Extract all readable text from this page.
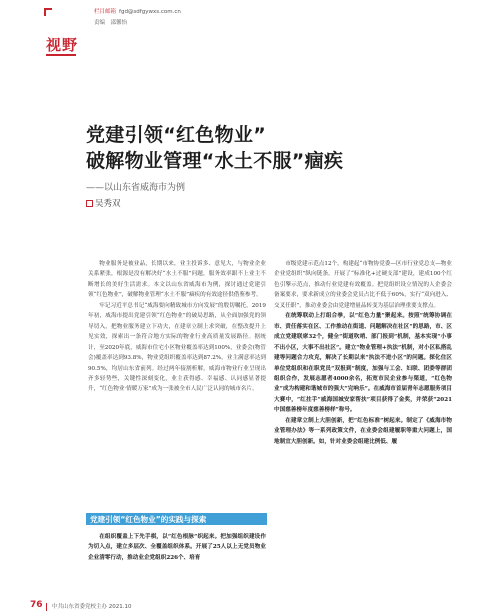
视野
栏目邮箱 fgd@sdfgywxs.com.cn
责编　邵馨怡
党建引领“红色物业”
破解物业管理“水土不服”痼疾
——以山东省威海市为例
吴秀双

物业服务是被业品，长期以来，业主投诉多、意见大，与物业企业关系紧张，根源是没有解决好“水土不服”问题，服务效率跟不上业主不断增长的美好生活需求。本文以山东省威海市为例，探讨通过党建引领“红色物业”，破解物业管理“水土不服”痼疾的有效途径供借鉴参考。

牢记习近平总书记“威海要向精致城市方向发展”的殷切嘱托，2019年初，威海市提出党建引领“红色物业”的破局思路，从全面加强党的领导切入，把物业服务建立下功夫，在建章立制上求突破，在整改提升上见实效，探索出一条符合地方实际的物业行业高质量发展路径。据统计，至2020年底，威海市住宅小区物业覆盖率达到100%，业委会(物管会)覆盖率达到93.8%，物业党组织覆盖率达到87.2%，业主满意率达到90.5%，均居山东省前列。经过两年接割析解，威海市物业行业呈现出齐多轻势些，关键性深刻变化，业主获得感、幸福感、认同感显著提升，“红色物业·情暖万家”成为一张被全市人民广泛认同的城市名片。

党建引领“红色物业”的实践与探索

在组织覆盖上下先手棋，以“红色根脉”织起来。把加强组织建设作为切入点，建立多层次、全覆盖组织体系。开展了25人以上无党员物业企业清零行动，推动业企党组织226个、培育

市级党建示范点12个，构建起“市物协党委—区市行业党总支—物业企业党组织”纵向链条。开展了“标准化+过硬支部”建设，建成100个红色引擎示范点，推动行业党建有效覆盖。把党组织设立情况的人企委会备案要求，要求新成立的业委会党员占比不低于60%，实行“双向进入、交叉任职”，推动业委会由党建增量品转变为基层治理重要支撑点。

在统筹联动上打组合拳，以“红色力量”聚起来。按照“统筹协调在市、责任落实在区、工作推动在街道、问题解决在社区”的思路，市、区成立党建联席32个，健全“街道吹哨、部门报到”机制，基本实现“小事不出小区，大事不出社区”。建立“物业管理+执法”机制，对小区私搭乱建等问题合力攻克，解决了长期以来“执法不进小区”的问题。探化住区单位党组织和在职党员“双报到”制度，加强与工会、妇联、团委等群团组织合作，发展志愿者4000余名，拓宽市民企业参与渠道，“红色物业”成为构建和谐城市的强大“完响乐”。在威海市首届青年志愿服务项目大赛中，“红拄手”威海国城安家帮扶”项目获得了金奖，并荣获“2021中国慈善榜年度慈善榜样”称号。

在建章立制上大胆创新，把“红色标准”树起来。制定了《威海市物业管理办法》等一系列政策文件，在业委会组建履职等重大问题上，国地制宜大胆创新。如，针对业委会组建比例低、履

76 中共山东省委党校主办 2021.10
